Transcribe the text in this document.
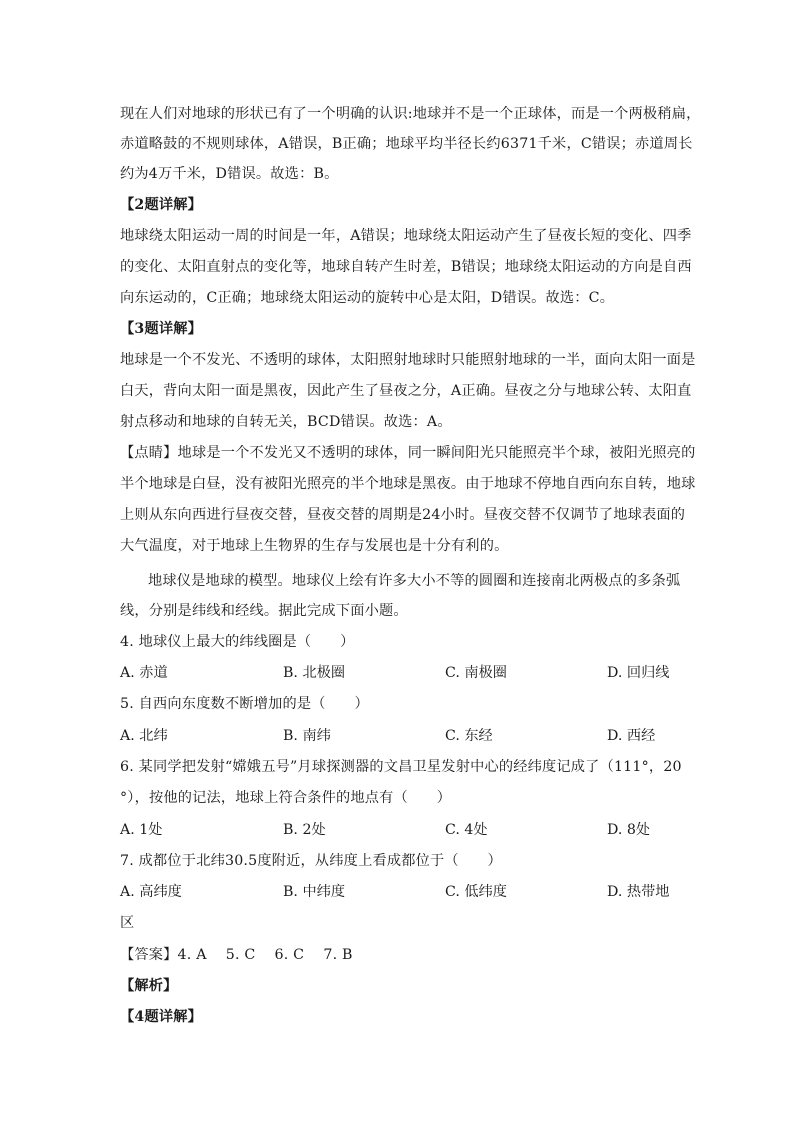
现在人们对地球的形状已有了一个明确的认识:地球并不是一个正球体，而是一个两极稍扁，
赤道略鼓的不规则球体，A错误，B正确；地球平均半径长约6371千米，C错误；赤道周长
约为4万千米，D错误。故选：B。
【2题详解】
地球绕太阳运动一周的时间是一年，A错误；地球绕太阳运动产生了昼夜长短的变化、四季
的变化、太阳直射点的变化等，地球自转产生时差，B错误；地球绕太阳运动的方向是自西
向东运动的，C正确；地球绕太阳运动的旋转中心是太阳，D错误。故选：C。
【3题详解】
地球是一个不发光、不透明的球体，太阳照射地球时只能照射地球的一半，面向太阳一面是
白天，背向太阳一面是黑夜，因此产生了昼夜之分，A正确。昼夜之分与地球公转、太阳直
射点移动和地球的自转无关，BCD错误。故选：A。
【点睛】地球是一个不发光又不透明的球体，同一瞬间阳光只能照亮半个球，被阳光照亮的
半个地球是白昼，没有被阳光照亮的半个地球是黑夜。由于地球不停地自西向东自转，地球
上则从东向西进行昼夜交替，昼夜交替的周期是24小时。昼夜交替不仅调节了地球表面的
大气温度，对于地球上生物界的生存与发展也是十分有利的。
地球仪是地球的模型。地球仪上绘有许多大小不等的圆圈和连接南北两极点的多条弧
线，分别是纬线和经线。据此完成下面小题。
4. 地球仪上最大的纬线圈是（　　）
A. 赤道	B. 北极圈	C. 南极圈	D. 回归线
5. 自西向东度数不断增加的是（　　）
A. 北纬	B. 南纬	C. 东经	D. 西经
6. 某同学把发射“嫦娥五号”月球探测器的文昌卫星发射中心的经纬度记成了（111°，20
°），按他的记法，地球上符合条件的地点有（　　）
A. 1处	B. 2处	C. 4处	D. 8处
7. 成都位于北纬30.5度附近，从纬度上看成都位于（　　）
A. 高纬度	B. 中纬度	C. 低纬度	D. 热带地
区
【答案】4. A　 5. C　 6. C　 7. B
【解析】
【4题详解】
